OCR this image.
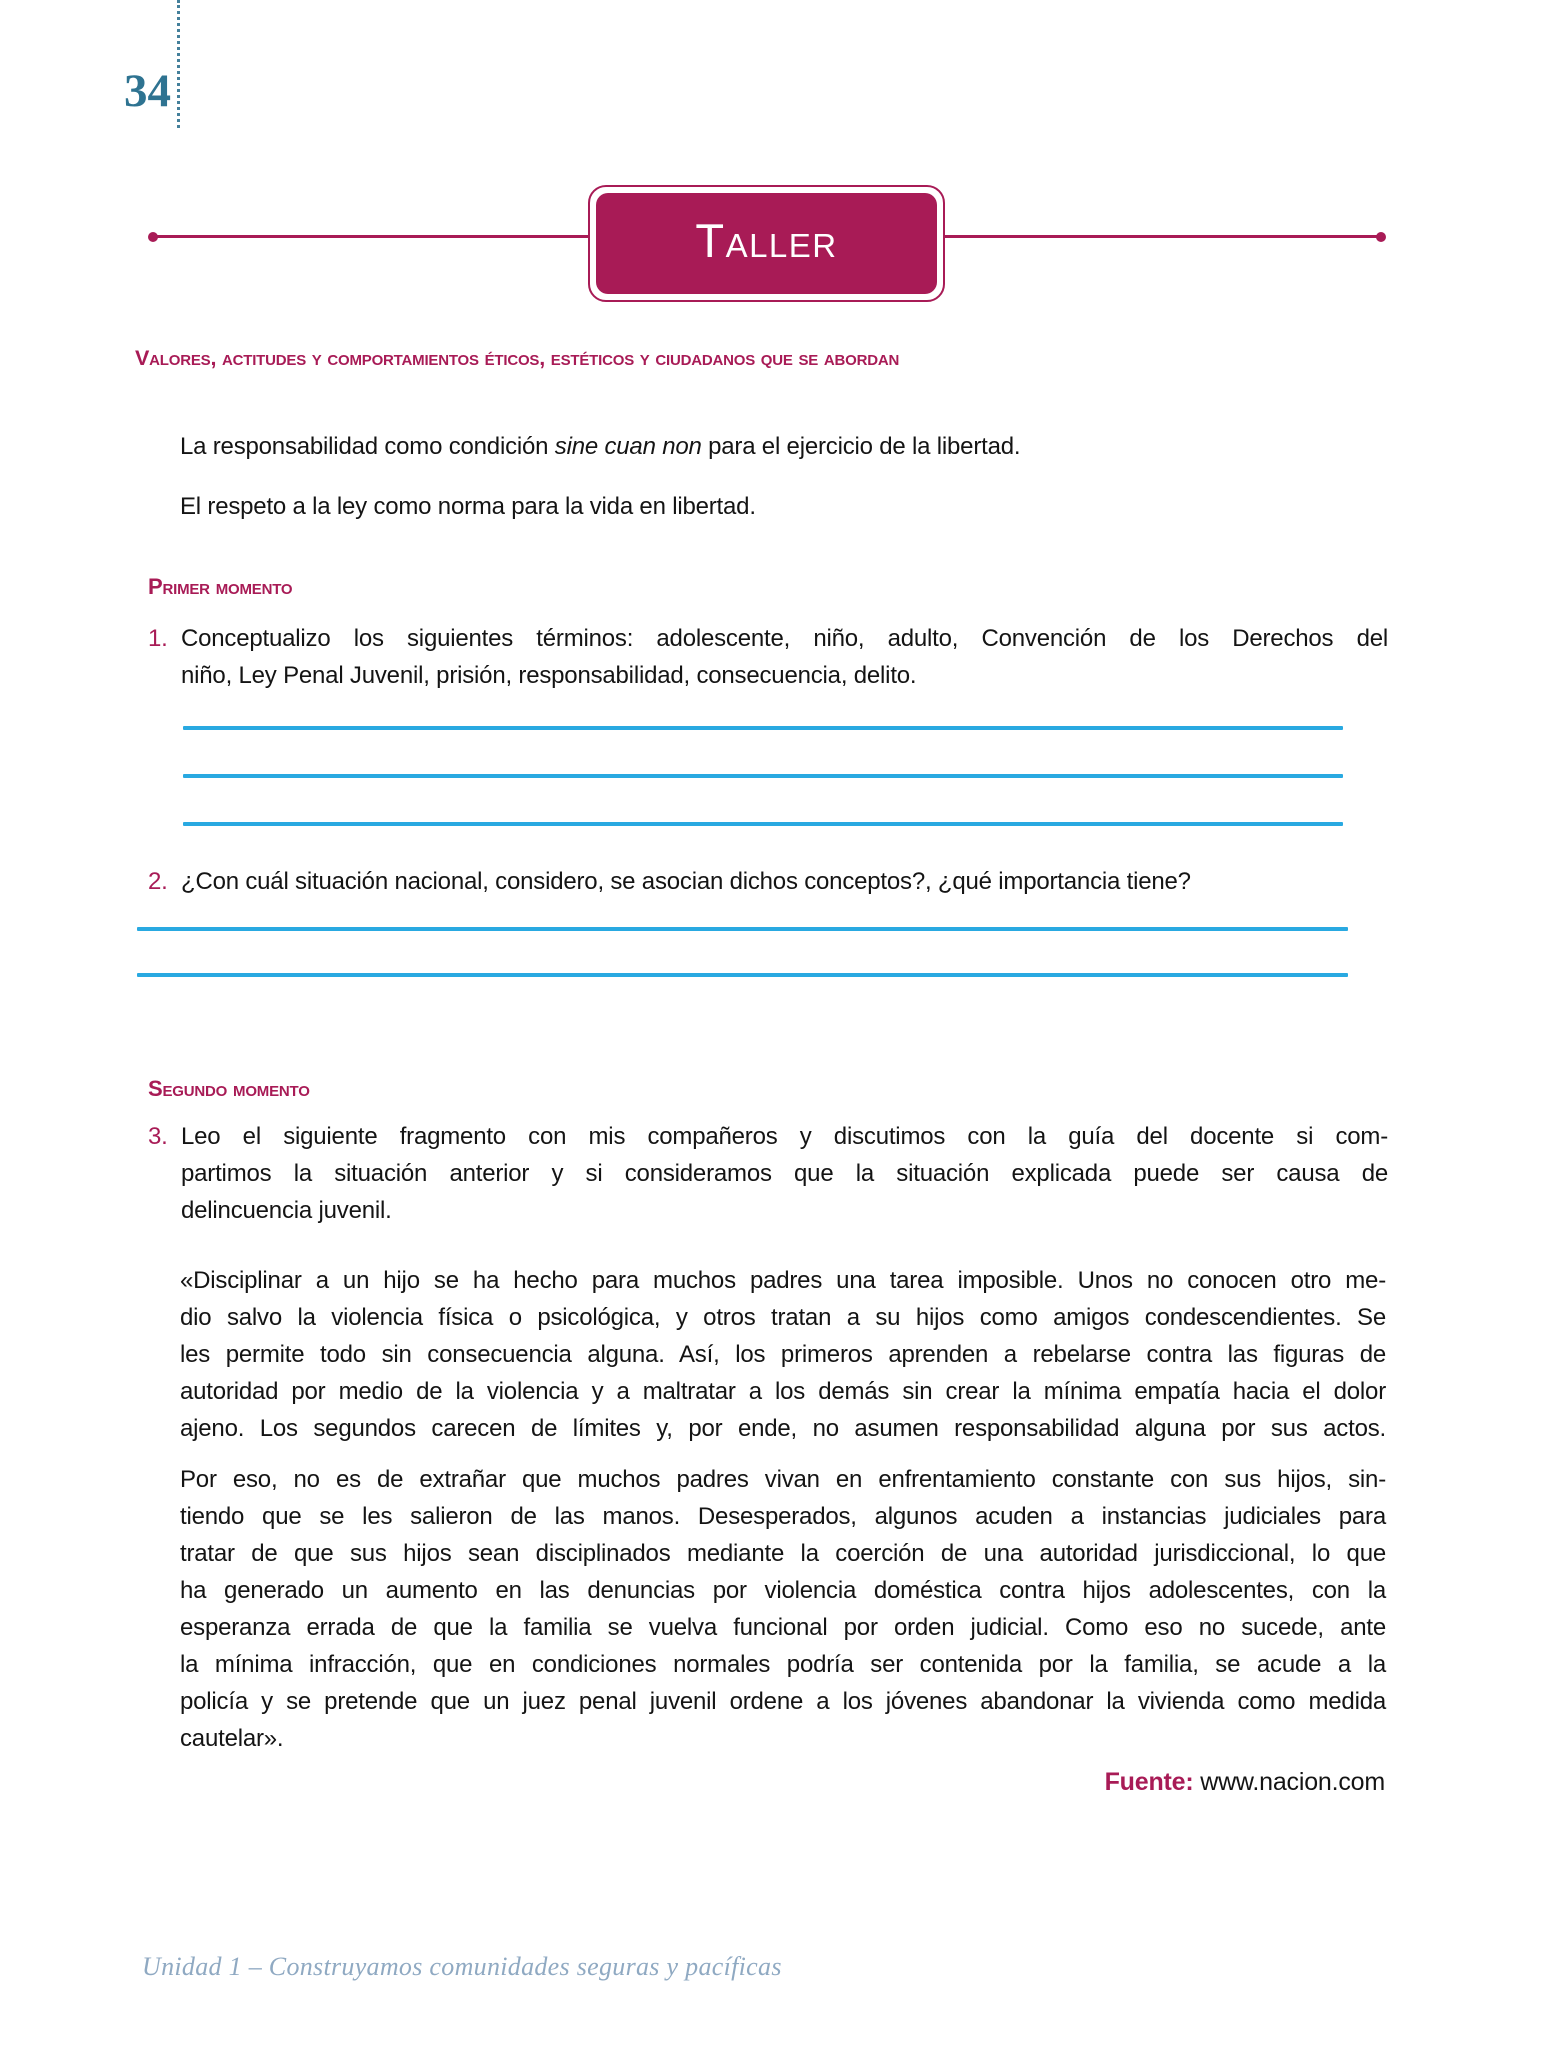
34
Taller
Valores, actitudes y comportamientos éticos, estéticos y ciudadanos que se abordan

La responsabilidad como condición sine cuan non para el ejercicio de la libertad.

El respeto a la ley como norma para la vida en libertad.

Primer momento
1. Conceptualizo los siguientes términos: adolescente, niño, adulto, Convención de los Derechos del
niño, Ley Penal Juvenil, prisión, responsabilidad, consecuencia, delito.
2. ¿Con cuál situación nacional, considero, se asocian dichos conceptos?, ¿qué importancia tiene?
Segundo momento
3. Leo el siguiente fragmento con mis compañeros y discutimos con la guía del docente si com-
partimos la situación anterior y si consideramos que la situación explicada puede ser causa de
delincuencia juvenil.
«Disciplinar a un hijo se ha hecho para muchos padres una tarea imposible. Unos no conocen otro me-
dio salvo la violencia física o psicológica, y otros tratan a su hijos como amigos condescendientes. Se
les permite todo sin consecuencia alguna. Así, los primeros aprenden a rebelarse contra las figuras de
autoridad por medio de la violencia y a maltratar a los demás sin crear la mínima empatía hacia el dolor
ajeno. Los segundos carecen de límites y, por ende, no asumen responsabilidad alguna por sus actos.
Por eso, no es de extrañar que muchos padres vivan en enfrentamiento constante con sus hijos, sin-
tiendo que se les salieron de las manos. Desesperados, algunos acuden a instancias judiciales para
tratar de que sus hijos sean disciplinados mediante la coerción de una autoridad jurisdiccional, lo que
ha generado un aumento en las denuncias por violencia doméstica contra hijos adolescentes, con la
esperanza errada de que la familia se vuelva funcional por orden judicial. Como eso no sucede, ante
la mínima infracción, que en condiciones normales podría ser contenida por la familia, se acude a la
policía y se pretende que un juez penal juvenil ordene a los jóvenes abandonar la vivienda como medida
cautelar».
Fuente: www.nacion.com
Unidad 1 – Construyamos comunidades seguras y pacíficas
